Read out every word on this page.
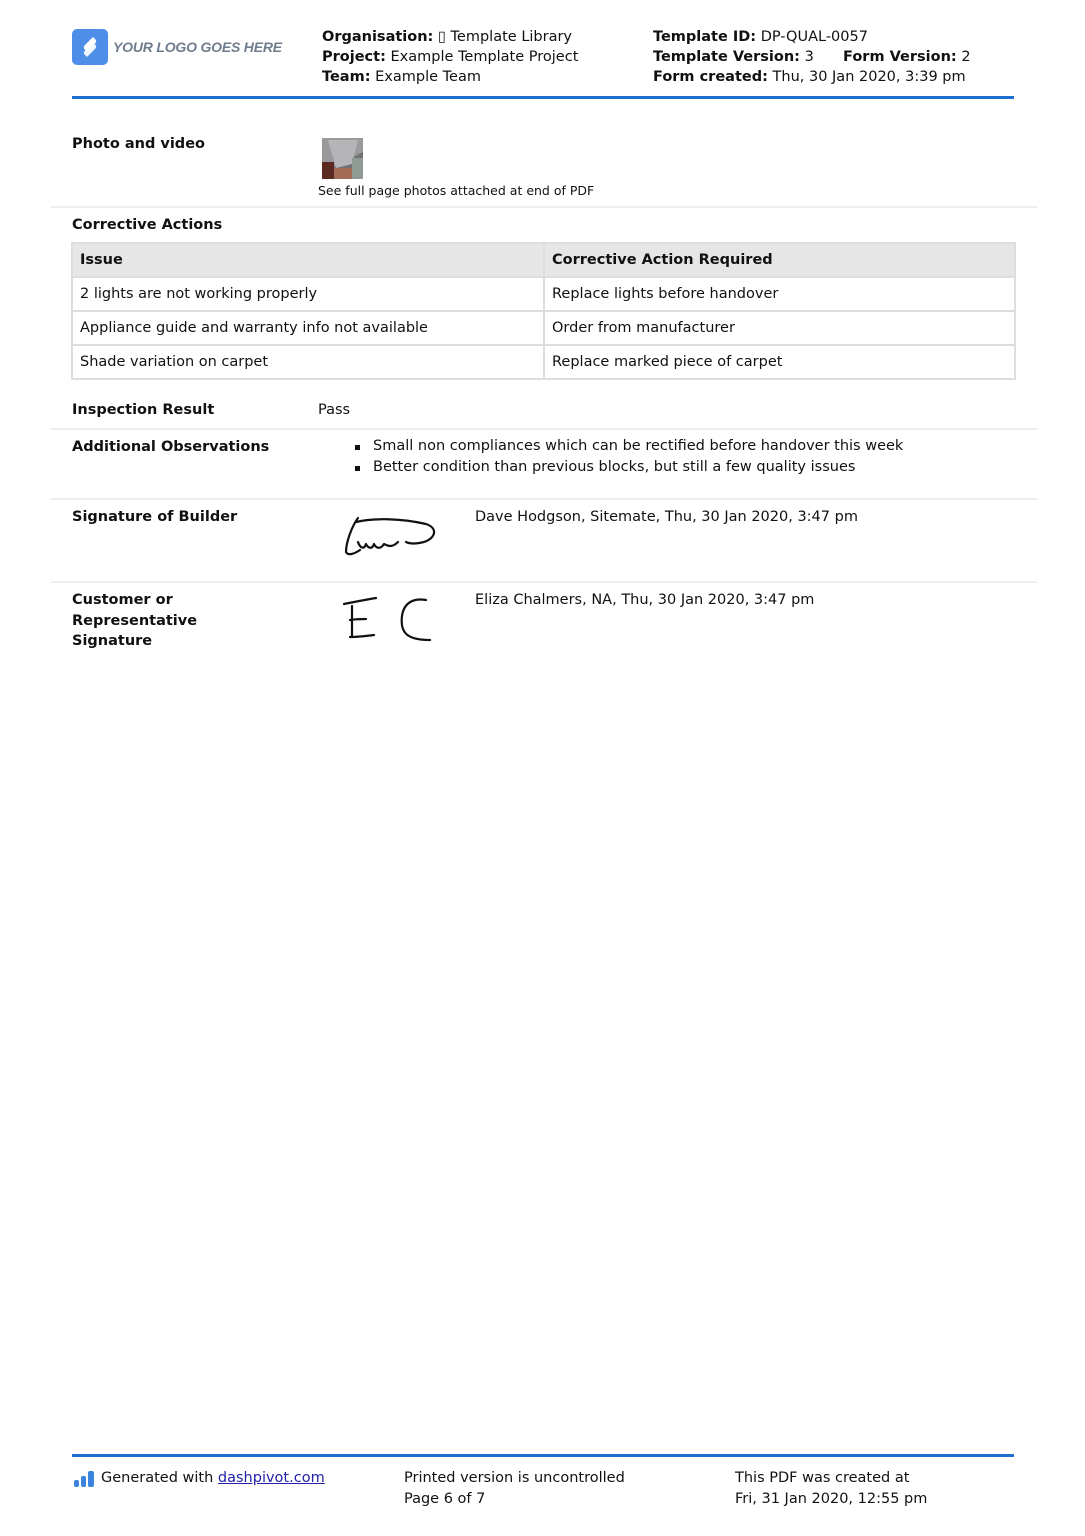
YOUR LOGO GOES HERE
Organisation: ▯ Template Library
Project: Example Template Project
Team: Example Team
Template ID: DP-QUAL-0057
Template Version: 3 Form Version: 2
Form created: Thu, 30 Jan 2020, 3:39 pm
Photo and video
See full page photos attached at end of PDF
Corrective Actions
Issue	Corrective Action Required
2 lights are not working properly	Replace lights before handover
Appliance guide and warranty info not available	Order from manufacturer
Shade variation on carpet	Replace marked piece of carpet
Inspection Result	Pass
Additional Observations	Small non compliances which can be rectified before handover this week
Better condition than previous blocks, but still a few quality issues
Signature of Builder	Dave Hodgson, Sitemate, Thu, 30 Jan 2020, 3:47 pm
Customer or
Representative
Signature
Eliza Chalmers, NA, Thu, 30 Jan 2020, 3:47 pm
Generated with dashpivot.com	Printed version is uncontrolled
Page 6 of 7
This PDF was created at
Fri, 31 Jan 2020, 12:55 pm
